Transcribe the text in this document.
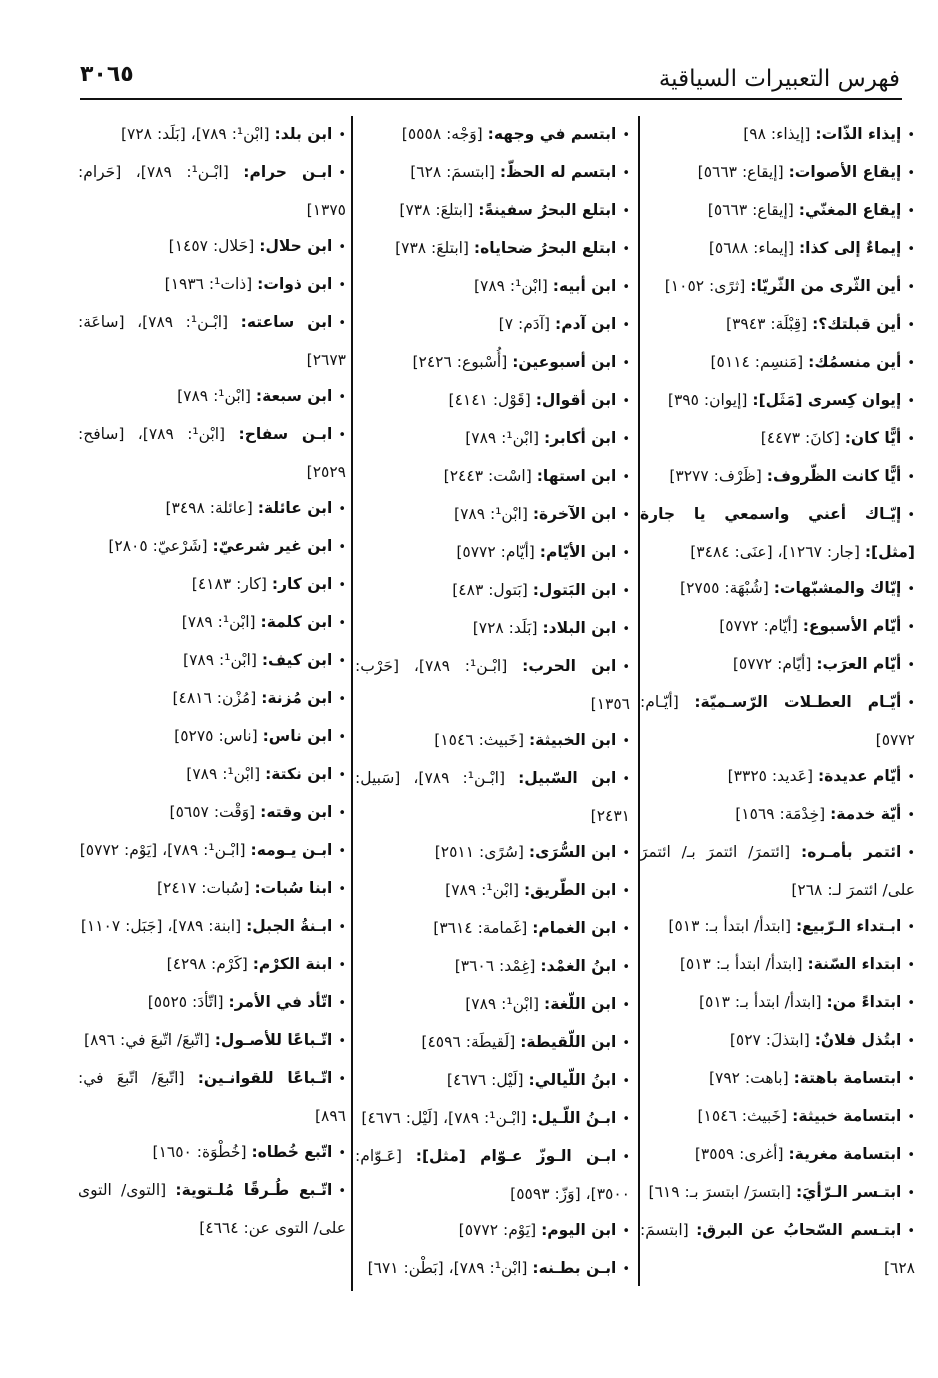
فهرس التعبيرات السياقية
٣٠٦٥
• إيذاء الذّات: [إيذاء: ٩٨]
• إيقاع الأصوات: [إيقاع: ٥٦٦٣]
• إيقاع المغنّي: [إيقاع: ٥٦٦٣]
• إيماءٌ إلى كذا: [إيماء: ٥٦٨٨]
• أين الثّرى من الثّريّا: [ثرًى: ١٠٥٢]
• أين قبلتك؟: [قِبْلَة: ٣٩٤٣]
• أين منسمُك: [مَنسِم: ٥١١٤]
• إيوان كِسرى [مَثَل]: [إيوان: ٣٩٥]
• أيًّا كان: [كانَ: ٤٤٧٣]
• أيًّا كانت الظّروف: [ظَرْف: ٣٢٧٧]
• إيّـاك أعني واسمعي يا جارة [مثل]: [جار: ١٢٦٧]، [عنَى: ٣٤٨٤]
• إيّاك والمشبّهات: [شُبْهَة: ٢٧٥٥]
• أيّام الأسبوع: [أيّام: ٥٧٧٢]
• أيّام العرَب: [أيّام: ٥٧٧٢]
• أيّـام العطـلات الرّسـميّة: [أيّـام: ٥٧٧٢]
• أيّام عديدة: [عَديد: ٣٣٢٥]
• أيّة خدمة: [خِدْمَة: ١٥٦٩]
• ائتمر بأمـره: [ائتمرَ/ ائتمرَ بـ/ ائتمرَ على/ ائتمرَ لـ: ٢٦٨]
• ابـتداء الـرّبيع: [ابتدأ/ ابتدأ بـ: ٥١٣]
• ابتداء السّنة: [ابتدأ/ ابتدأ بـ: ٥١٣]
• ابتداءً من: [ابتدأ/ ابتدأ بـ: ٥١٣]
• ابتُذل فلانٌ: [ابتذلَ: ٥٢٧]
• ابتسامة باهتة: [باهت: ٧٩٢]
• ابتسامة خبيثة: [خَبيث: ١٥٤٦]
• ابتسامة مغرية: [أغرى: ٣٥٥٩]
• ابتـسر الـرّأيَ: [ابتسرَ/ ابتسرَ بـ: ٦١٩]
• ابتـسم السّحابُ عن البرق: [ابتسمَ: ٦٢٨]
• ابتسم في وجهه: [وَجْه: ٥٥٥٨]
• ابتسم له الحظّ: [ابتسمَ: ٦٢٨]
• ابتلع البحرُ سفينةً: [ابتلعَ: ٧٣٨]
• ابتلع البحرُ ضحاياه: [ابتلعَ: ٧٣٨]
• ابن أبيه: [ابْن¹: ٧٨٩]
• ابن آدم: [آدَم: ٧]
• ابن أسبوعين: [أُسْبوع: ٢٤٢٦]
• ابن أقوال: [قَوْل: ٤١٤١]
• ابن أكابر: [ابْن¹: ٧٨٩]
• ابن استها: [اسْت: ٢٤٤٣]
• ابن الآخرة: [ابْن¹: ٧٨٩]
• ابن الأيّام: [أيّام: ٥٧٧٢]
• ابن البَتول: [بَتول: ٤٨٣]
• ابن البلاد: [بَلَد: ٧٢٨]
• ابن الحرب: [ابْـن¹: ٧٨٩]، [حَرْب: ١٣٥٦]
• ابن الخبيثة: [خَبيث: ١٥٤٦]
• ابن السّبيل: [ابْـن¹: ٧٨٩]، [سَبيل: ٢٤٣١]
• ابن السُّرَى: [سُرًى: ٢٥١١]
• ابن الطّريق: [ابْن¹: ٧٨٩]
• ابن الغمام: [غَمامة: ٣٦١٤]
• ابنُ الغمْد: [غِمْد: ٣٦٠٦]
• ابن اللّغة: [ابْن¹: ٧٨٩]
• ابن اللّقيطة: [لَقيطَة: ٤٥٩٦]
• ابنُ اللّيالي: [لَيْل: ٤٦٧٦]
• ابـنُ اللّـيل: [ابْـن¹: ٧٨٩]، [لَيْل: ٤٦٧٦]
• ابـن الـوزّ عـوّام [مثل]: [عَـوّام: ٣٥٠٠]، [وَزّ: ٥٥٩٣]
• ابن اليوم: [يَوْم: ٥٧٧٢]
• ابـن بطـنه: [ابْن¹: ٧٨٩]، [بَطْن: ٦٧١]
• ابن بلد: [ابْن¹: ٧٨٩]، [بَلَد: ٧٢٨]
• ابـن حرام: [ابْـن¹: ٧٨٩]، [حَرام: ١٣٧٥]
• ابن حلال: [حَلال: ١٤٥٧]
• ابن ذوات: [ذات¹: ١٩٣٦]
• ابن ساعته: [ابْـن¹: ٧٨٩]، [ساعَة: ٢٦٧٣]
• ابن سبعة: [ابْن¹: ٧٨٩]
• ابـن سفاح: [ابْن¹: ٧٨٩]، [سافح: ٢٥٢٩]
• ابن عائلة: [عائلة: ٣٤٩٨]
• ابن غير شرعيّ: [شَرْعيّ: ٢٨٠٥]
• ابن كار: [كار: ٤١٨٣]
• ابن كلمة: [ابْن¹: ٧٨٩]
• ابن كيف: [ابْن¹: ٧٨٩]
• ابن مُزنة: [مُزْن: ٤٨١٦]
• ابن ناس: [ناس: ٥٢٧٥]
• ابن نكتة: [ابْن¹: ٧٨٩]
• ابن وقته: [وَقْت: ٥٦٥٧]
• ابـن يـومه: [ابْـن¹: ٧٨٩]، [يَوْم: ٥٧٧٢]
• ابنا سُبات: [سُبات: ٢٤١٧]
• ابـنةُ الجبل: [ابنة: ٧٨٩]، [جَبَل: ١١٠٧]
• ابنة الكرْم: [كَرْم: ٤٢٩٨]
• اتّأد في الأمر: [اتّأدَ: ٥٥٢٥]
• اتّـباعًا للأصـول: [اتّبعَ/ اتّبعَ في: ٨٩٦]
• اتّـباعًا للقوانـين: [اتّبعَ/ اتّبعَ في: ٨٩٦]
• اتّبع خُطاه: [خُطْوَة: ١٦٥٠]
• اتّـبع طُـرقًا مُلـتوية: [التوى/ التوى على/ التوى عن: ٤٦٦٤]
